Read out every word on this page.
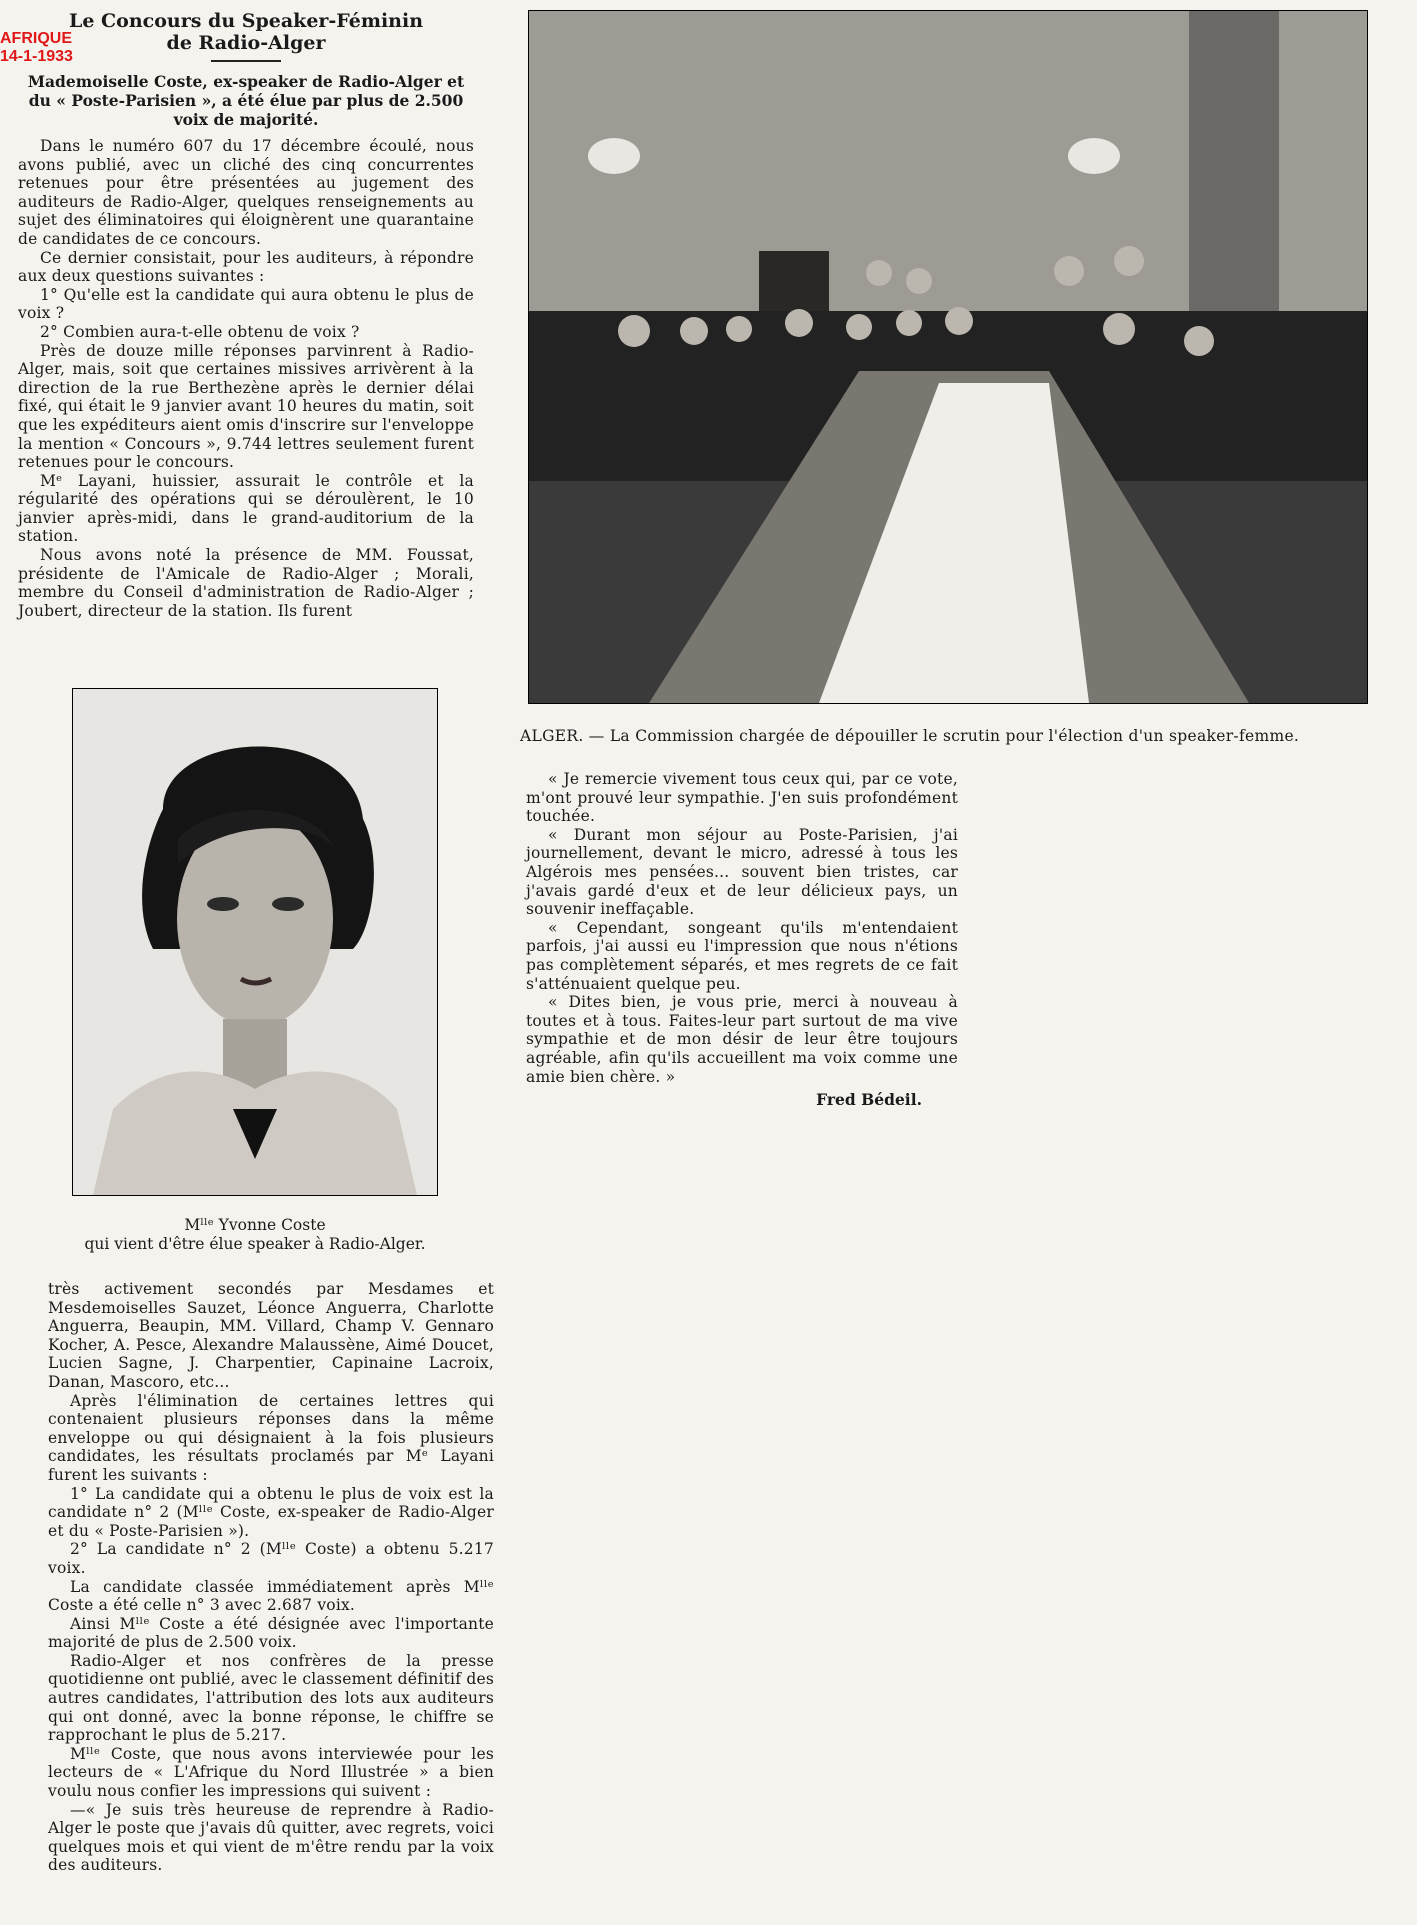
AFRIQUE
14-1-1933
Le Concours du Speaker-Féminin
de Radio-Alger

Mademoiselle Coste, ex-speaker de Radio-Alger et du « Poste-Parisien », a été élue par plus de 2.500 voix de majorité.

Dans le numéro 607 du 17 décembre écoulé, nous avons publié, avec un cliché des cinq concurrentes retenues pour être présentées au jugement des auditeurs de Radio-Alger, quelques renseignements au sujet des éliminatoires qui éloignèrent une quarantaine de candidates de ce concours.

Ce dernier consistait, pour les auditeurs, à répondre aux deux questions suivantes :

1° Qu'elle est la candidate qui aura obtenu le plus de voix ?

2° Combien aura-t-elle obtenu de voix ?

Près de douze mille réponses parvinrent à Radio-Alger, mais, soit que certaines missives arrivèrent à la direction de la rue Berthezène après le dernier délai fixé, qui était le 9 janvier avant 10 heures du matin, soit que les expéditeurs aient omis d'inscrire sur l'enveloppe la mention « Concours », 9.744 lettres seulement furent retenues pour le concours.

Mᵉ Layani, huissier, assurait le contrôle et la régularité des opérations qui se déroulèrent, le 10 janvier après-midi, dans le grand-auditorium de la station.

Nous avons noté la présence de MM. Foussat, présidente de l'Amicale de Radio-Alger ; Morali, membre du Conseil d'administration de Radio-Alger ; Joubert, directeur de la station. Ils furent

Mˡˡᵉ Yvonne Coste
qui vient d'être élue speaker à Radio-Alger.
ALGER. — La Commission chargée de dépouiller le scrutin pour l'élection d'un speaker-femme.

« Je remercie vivement tous ceux qui, par ce vote, m'ont prouvé leur sympathie. J'en suis profondément touchée.

« Durant mon séjour au Poste-Parisien, j'ai journellement, devant le micro, adressé à tous les Algérois mes pensées... souvent bien tristes, car j'avais gardé d'eux et de leur délicieux pays, un souvenir ineffaçable.

« Cependant, songeant qu'ils m'entendaient parfois, j'ai aussi eu l'impression que nous n'étions pas complètement séparés, et mes regrets de ce fait s'atténuaient quelque peu.

« Dites bien, je vous prie, merci à nouveau à toutes et à tous. Faites-leur part surtout de ma vive sympathie et de mon désir de leur être toujours agréable, afin qu'ils accueillent ma voix comme une amie bien chère. »

Fred Bédeil.

très activement secondés par Mesdames et Mesdemoiselles Sauzet, Léonce Anguerra, Charlotte Anguerra, Beaupin, MM. Villard, Champ V. Gennaro Kocher, A. Pesce, Alexandre Malaussène, Aimé Doucet, Lucien Sagne, J. Charpentier, Capinaine Lacroix, Danan, Mascoro, etc...

Après l'élimination de certaines lettres qui contenaient plusieurs réponses dans la même enveloppe ou qui désignaient à la fois plusieurs candidates, les résultats proclamés par Mᵉ Layani furent les suivants :

1° La candidate qui a obtenu le plus de voix est la candidate n° 2 (Mˡˡᵉ Coste, ex-speaker de Radio-Alger et du « Poste-Parisien »).

2° La candidate n° 2 (Mˡˡᵉ Coste) a obtenu 5.217 voix.

La candidate classée immédiatement après Mˡˡᵉ Coste a été celle n° 3 avec 2.687 voix.

Ainsi Mˡˡᵉ Coste a été désignée avec l'importante majorité de plus de 2.500 voix.

Radio-Alger et nos confrères de la presse quotidienne ont publié, avec le classement définitif des autres candidates, l'attribution des lots aux auditeurs qui ont donné, avec la bonne réponse, le chiffre se rapprochant le plus de 5.217.

Mˡˡᵉ Coste, que nous avons interviewée pour les lecteurs de « L'Afrique du Nord Illustrée » a bien voulu nous confier les impressions qui suivent :

—« Je suis très heureuse de reprendre à Radio-Alger le poste que j'avais dû quitter, avec regrets, voici quelques mois et qui vient de m'être rendu par la voix des auditeurs.
